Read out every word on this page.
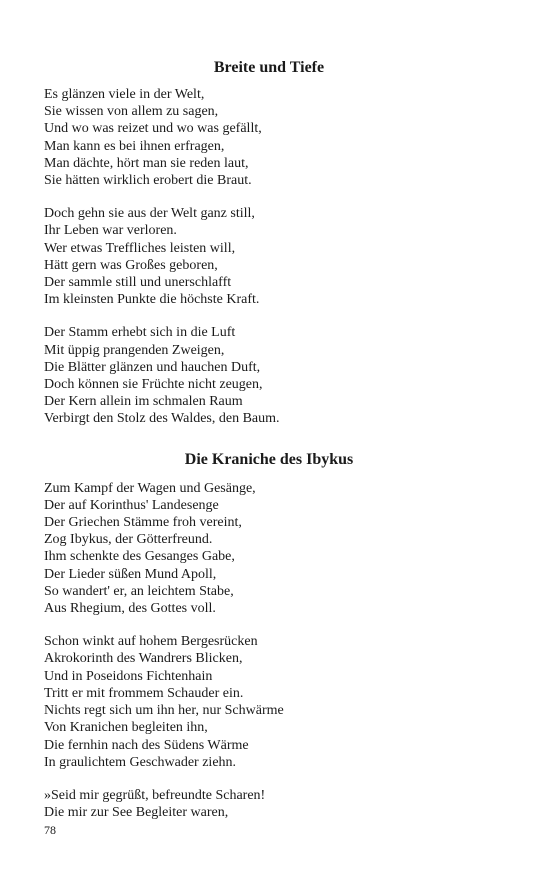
Breite und Tiefe
Es glänzen viele in der Welt,
Sie wissen von allem zu sagen,
Und wo was reizet und wo was gefällt,
Man kann es bei ihnen erfragen,
Man dächte, hört man sie reden laut,
Sie hätten wirklich erobert die Braut.
Doch gehn sie aus der Welt ganz still,
Ihr Leben war verloren.
Wer etwas Treffliches leisten will,
Hätt gern was Großes geboren,
Der sammle still und unerschlafft
Im kleinsten Punkte die höchste Kraft.
Der Stamm erhebt sich in die Luft
Mit üppig prangenden Zweigen,
Die Blätter glänzen und hauchen Duft,
Doch können sie Früchte nicht zeugen,
Der Kern allein im schmalen Raum
Verbirgt den Stolz des Waldes, den Baum.
Die Kraniche des Ibykus
Zum Kampf der Wagen und Gesänge,
Der auf Korinthus' Landesenge
Der Griechen Stämme froh vereint,
Zog Ibykus, der Götterfreund.
Ihm schenkte des Gesanges Gabe,
Der Lieder süßen Mund Apoll,
So wandert' er, an leichtem Stabe,
Aus Rhegium, des Gottes voll.
Schon winkt auf hohem Bergesrücken
Akrokorinth des Wandrers Blicken,
Und in Poseidons Fichtenhain
Tritt er mit frommem Schauder ein.
Nichts regt sich um ihn her, nur Schwärme
Von Kranichen begleiten ihn,
Die fernhin nach des Südens Wärme
In graulichtem Geschwader ziehn.
»Seid mir gegrüßt, befreundte Scharen!
Die mir zur See Begleiter waren,
78
